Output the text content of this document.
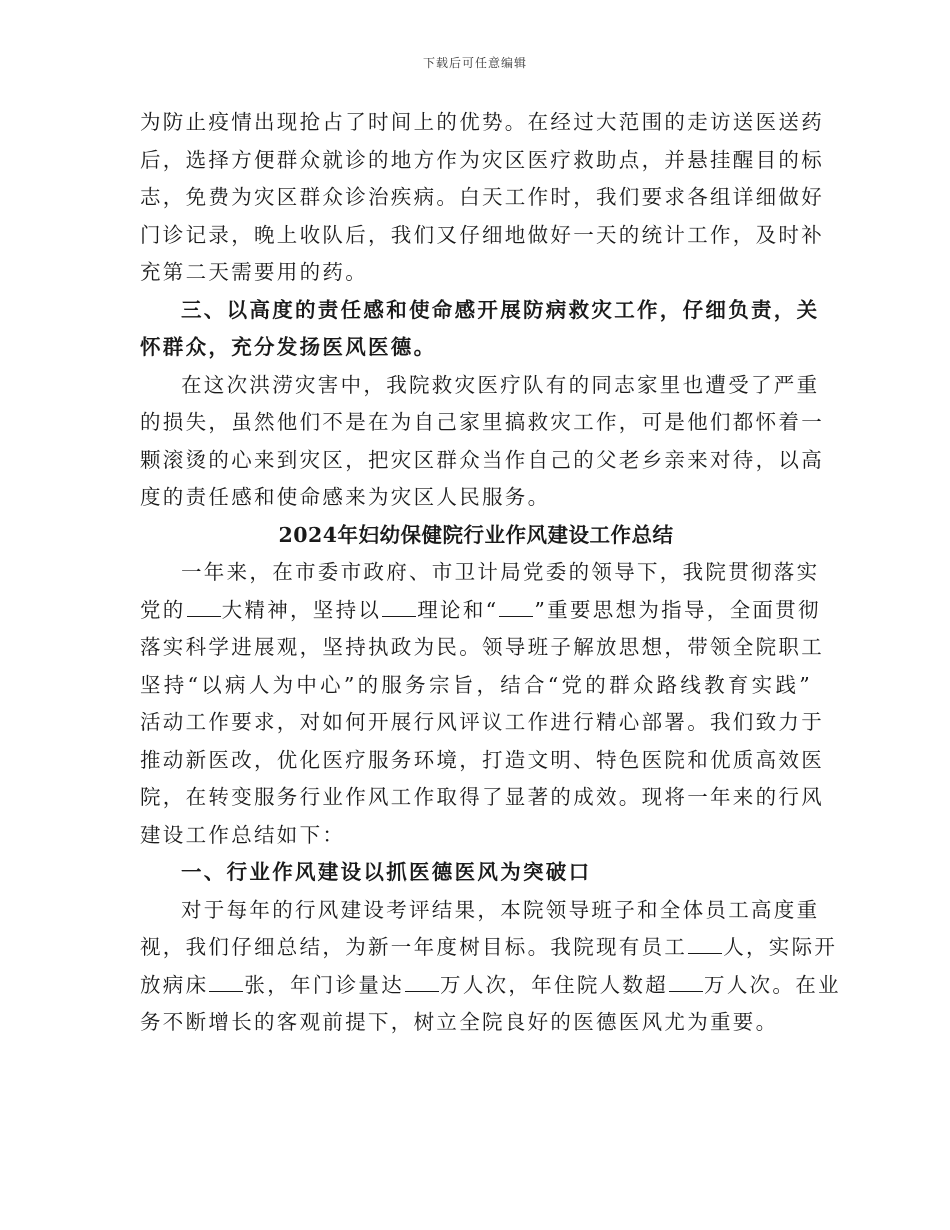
下载后可任意编辑
为防止疫情出现抢占了时间上的优势。在经过大范围的走访送医送药
后，选择方便群众就诊的地方作为灾区医疗救助点，并悬挂醒目的标
志，免费为灾区群众诊治疾病。白天工作时，我们要求各组详细做好
门诊记录，晚上收队后，我们又仔细地做好一天的统计工作，及时补
充第二天需要用的药。
三、以高度的责任感和使命感开展防病救灾工作，仔细负责，关
怀群众，充分发扬医风医德。
在这次洪涝灾害中，我院救灾医疗队有的同志家里也遭受了严重
的损失，虽然他们不是在为自己家里搞救灾工作，可是他们都怀着一
颗滚烫的心来到灾区，把灾区群众当作自己的父老乡亲来对待，以高
度的责任感和使命感来为灾区人民服务。
2024年妇幼保健院行业作风建设工作总结
一年来，在市委市政府、市卫计局党委的领导下，我院贯彻落实
党的 大精神，坚持以 理论和“ ”重要思想为指导，全面贯彻
落实科学进展观，坚持执政为民。领导班子解放思想，带领全院职工
坚持“以病人为中心”的服务宗旨，结合“党的群众路线教育实践”
活动工作要求，对如何开展行风评议工作进行精心部署。我们致力于
推动新医改，优化医疗服务环境，打造文明、特色医院和优质高效医
院，在转变服务行业作风工作取得了显著的成效。现将一年来的行风
建设工作总结如下：
一、行业作风建设以抓医德医风为突破口
对于每年的行风建设考评结果，本院领导班子和全体员工高度重
视，我们仔细总结，为新一年度树目标。我院现有员工 人，实际开
放病床 张，年门诊量达 万人次，年住院人数超 万人次。在业
务不断增长的客观前提下，树立全院良好的医德医风尤为重要。
